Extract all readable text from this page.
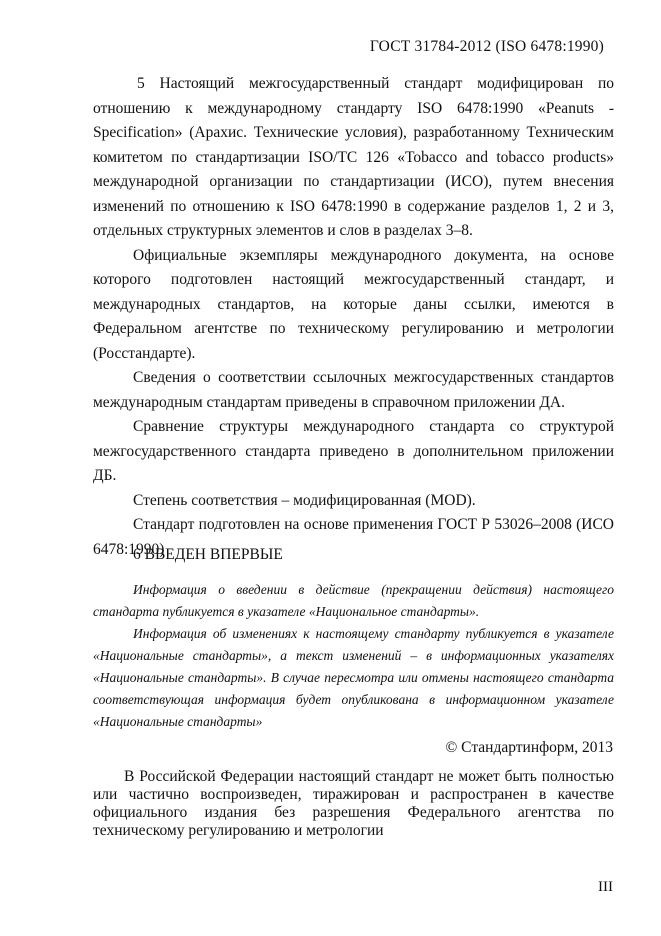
ГОСТ 31784-2012 (ISO 6478:1990)

5 Настоящий межгосударственный стандарт модифицирован по отношению к международному стандарту ISO 6478:1990 «Peanuts - Specification» (Арахис. Технические условия), разработанному Техническим комитетом по стандартизации ISO/TC 126 «Tobacco and tobacco products» международной организации по стандартизации (ИСО), путем внесения изменений по отношению к ISO 6478:1990 в содержание разделов 1, 2 и 3, отдельных структурных элементов и слов в разделах 3–8.

Официальные экземпляры международного документа, на основе которого подготовлен настоящий межгосударственный стандарт, и международных стандартов, на которые даны ссылки, имеются в Федеральном агентстве по техническому регулированию и метрологии (Росстандарте).

Сведения о соответствии ссылочных межгосударственных стандартов международным стандартам приведены в справочном приложении ДА.

Сравнение структуры международного стандарта со структурой межгосударственного стандарта приведено в дополнительном приложении ДБ.

Степень соответствия – модифицированная (MOD).

Стандарт подготовлен на основе применения ГОСТ Р 53026–2008 (ИСО 6478:1990)

6 ВВЕДЕН ВПЕРВЫЕ

Информация о введении в действие (прекращении действия) настоящего стандарта публикуется в указателе «Национальное стандарты».

Информация об изменениях к настоящему стандарту публикуется в указателе «Национальные стандарты», а текст изменений – в информационных указателях «Национальные стандарты». В случае пересмотра или отмены настоящего стандарта соответствующая информация будет опубликована в информационном указателе «Национальные стандарты»

© Стандартинформ, 2013

В Российской Федерации настоящий стандарт не может быть полностью или частично воспроизведен, тиражирован и распространен в качестве официального издания без разрешения Федерального агентства по техническому регулированию и метрологии

III
